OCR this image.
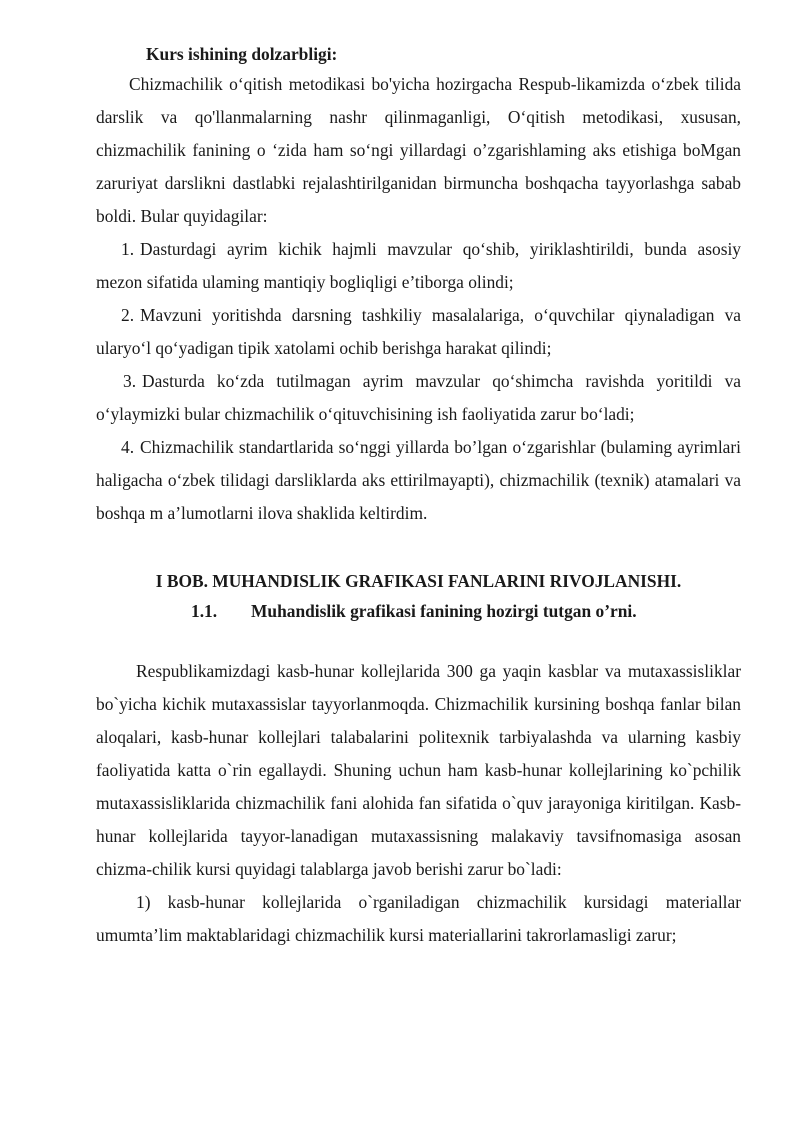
Kurs ishining dolzarbligi:

Chizmachilik o‘qitish metodikasi bo'yicha hozirgacha Respub-likamizda o‘zbek tilida darslik va qo'llanmalarning nashr qilinmaganligi, O‘qitish metodikasi, xususan, chizmachilik fanining o ‘zida ham so‘ngi yillardagi o’zgarishlaming aks etishiga boMgan zaruriyat darslikni dastlabki rejalashtirilganidan birmuncha boshqacha tayyorlashga sabab boldi. Bular quyidagilar:

1. Dasturdagi ayrim kichik hajmli mavzular qo‘shib, yiriklashtirildi, bunda asosiy mezon sifatida ulaming mantiqiy bogliqligi e’tiborga olindi;

2. Mavzuni yoritishda darsning tashkiliy masalalariga, o‘quvchilar qiynaladigan va ularyo‘l qo‘yadigan tipik xatolami ochib berishga harakat qilindi;

3. Dasturda ko‘zda tutilmagan ayrim mavzular qo‘shimcha ravishda yoritildi va o‘ylaymizki bular chizmachilik o‘qituvchisining ish faoliyatida zarur bo‘ladi;

4. Chizmachilik standartlarida so‘nggi yillarda bo’lgan o‘zgarishlar (bulaming ayrimlari haligacha o‘zbek tilidagi darsliklarda aks ettirilmayapti), chizmachilik (texnik) atamalari va boshqa m a’lumotlarni ilova shaklida keltirdim.

I BOB. MUHANDISLIK GRAFIKASI FANLARINI RIVOJLANISHI.

1.1. Muhandislik grafikasi fanining hozirgi tutgan o’rni.

Respublikamizdagi kasb-hunar kollejlarida 300 ga yaqin kasblar va mutaxassisliklar bo`yicha kichik mutaxassislar tayyorlanmoqda. Chizmachilik kursining boshqa fanlar bilan aloqalari, kasb-hunar kollejlari talabalarini politexnik tarbiyalashda va ularning kasbiy faoliyatida katta o`rin egallaydi. Shuning uchun ham kasb-hunar kollejlarining ko`pchilik mutaxassisliklarida chizmachilik fani alohida fan sifatida o`quv jarayoniga kiritilgan. Kasb-hunar kollejlarida tayyor-lanadigan mutaxassisning malakaviy tavsifnomasiga asosan chizma-chilik kursi quyidagi talablarga javob berishi zarur bo`ladi:

1) kasb-hunar kollejlarida o`rganiladigan chizmachilik kursidagi materiallar umumta’lim maktablaridagi chizmachilik kursi materiallarini takrorlamasligi zarur;
